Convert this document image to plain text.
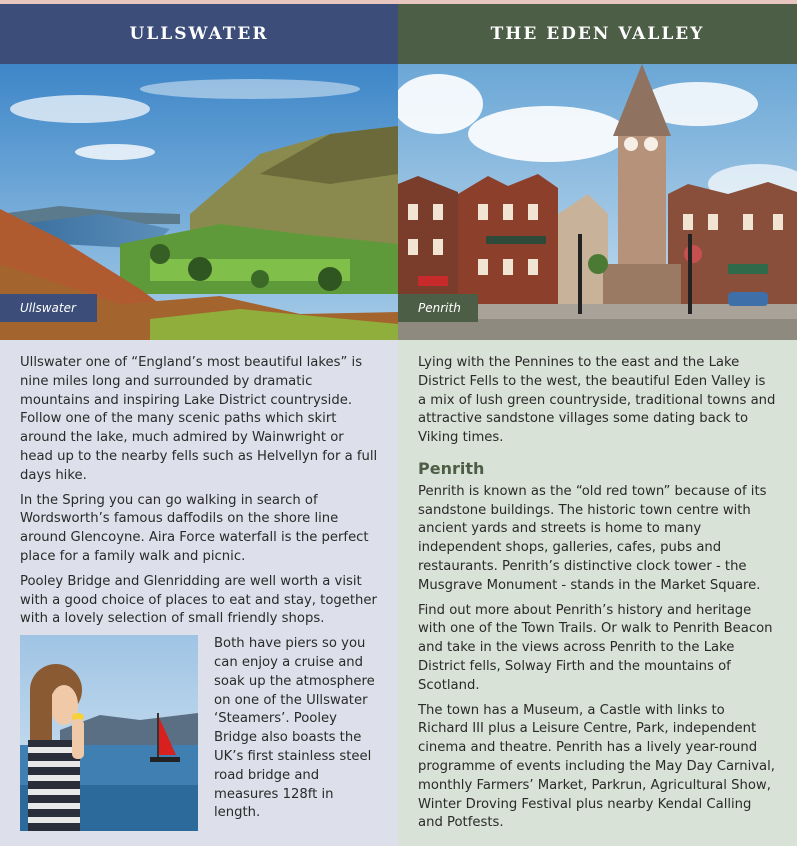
ULLSWATER
Ullswater

Ullswater one of “England’s most beautiful lakes” is nine miles long and surrounded by dramatic mountains and inspiring Lake District countryside. Follow one of the many scenic paths which skirt around the lake, much admired by Wainwright or head up to the nearby fells such as Helvellyn for a full days hike.

In the Spring you can go walking in search of Wordsworth’s famous daffodils on the shore line around Glencoyne. Aira Force waterfall is the perfect place for a family walk and picnic.

Pooley Bridge and Glenridding are well worth a visit with a good choice of places to eat and stay, together with a lovely selection of small friendly shops.

Both have piers so you can enjoy a cruise and soak up the atmosphere on one of the Ullswater ‘Steamers’. Pooley Bridge also boasts the UK’s first stainless steel road bridge and measures 128ft in length.
THE EDEN VALLEY
Penrith

Lying with the Pennines to the east and the Lake District Fells to the west, the beautiful Eden Valley is a mix of lush green countryside, traditional towns and attractive sandstone villages some dating back to Viking times.

Penrith

Penrith is known as the “old red town” because of its sandstone buildings. The historic town centre with ancient yards and streets is home to many independent shops, galleries, cafes, pubs and restaurants. Penrith’s distinctive clock tower - the Musgrave Monument - stands in the Market Square.

Find out more about Penrith’s history and heritage with one of the Town Trails. Or walk to Penrith Beacon and take in the views across Penrith to the Lake District fells, Solway Firth and the mountains of Scotland.

The town has a Museum, a Castle with links to Richard III plus a Leisure Centre, Park, independent cinema and theatre. Penrith has a lively year-round programme of events including the May Day Carnival, monthly Farmers’ Market, Parkrun, Agricultural Show, Winter Droving Festival plus nearby Kendal Calling and Potfests.
